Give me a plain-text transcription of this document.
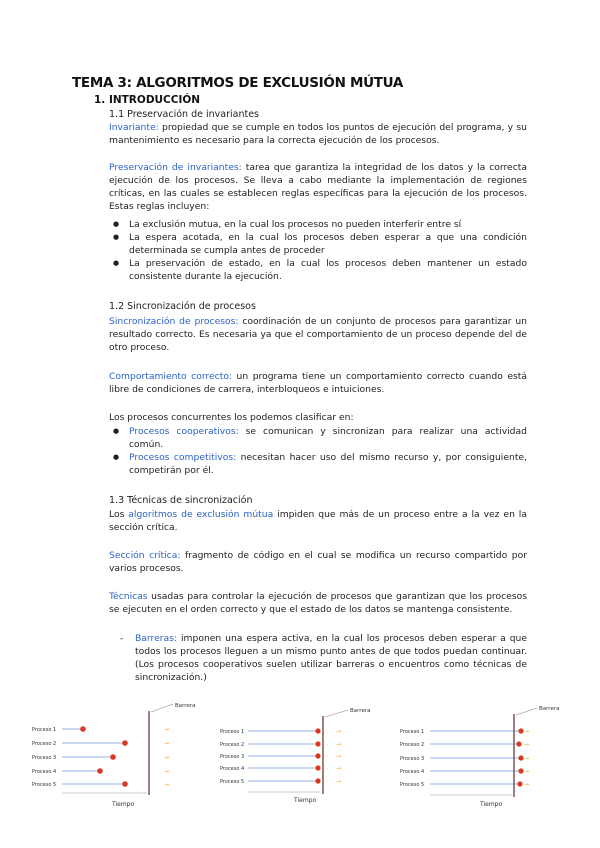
TEMA 3: ALGORITMOS DE EXCLUSIÓN MÚTUA
1. INTRODUCCIÓN
1.1 Preservación de invariantes
Invariante: propiedad que se cumple en todos los puntos de ejecución del programa, y su mantenimiento es necesario para la correcta ejecución de los procesos.
Preservación de invariantes: tarea que garantiza la integridad de los datos y la correcta ejecución de los procesos. Se lleva a cabo mediante la implementación de regiones críticas, en las cuales se establecen reglas específicas para la ejecución de los procesos. Estas reglas incluyen:
● La exclusión mutua, en la cual los procesos no pueden interferir entre sí
● La espera acotada, en la cual los procesos deben esperar a que una condición determinada se cumpla antes de proceder
● La preservación de estado, en la cual los procesos deben mantener un estado consistente durante la ejecución.
1.2 Sincronización de procesos
Sincronización de procesos: coordinación de un conjunto de procesos para garantizar un resultado correcto. Es necesaria ya que el comportamiento de un proceso depende del de otro proceso.
Comportamiento correcto: un programa tiene un comportamiento correcto cuando está libre de condiciones de carrera, interbloqueos e intuiciones.
Los procesos concurrentes los podemos clasificar en:
● Procesos cooperativos: se comunican y sincronizan para realizar una actividad común.
● Procesos competitivos: necesitan hacer uso del mismo recurso y, por consiguiente, competirán por él.
1.3 Técnicas de sincronización
Los algoritmos de exclusión mútua impiden que más de un proceso entre a la vez en la sección crítica.
Sección crítica: fragmento de código en el cual se modifica un recurso compartido por varios procesos.
Técnicas usadas para controlar la ejecución de procesos que garantizan que los procesos se ejecuten en el orden correcto y que el estado de los datos se mantenga consistente.
- Barreras: imponen una espera activa, en la cual los procesos deben esperar a que todos los procesos lleguen a un mismo punto antes de que todos puedan continuar. (Los procesos cooperativos suelen utilizar barreras o encuentros como técnicas de sincronización.)
Barrera
Tiempo
Proceso 1	·	→
Proceso 2	·	→
Proceso 3	·	→
Proceso 4	·	→
Proceso 5	·	→
Barrera
Tiempo
Proceso 1	· →
Proceso 2	· →
Proceso 3	· →
Proceso 4	· →
Proceso 5	· →
Barrera
Tiempo
Proceso 1	→
Proceso 2	→
Proceso 3	→
Proceso 4	→
Proceso 5	→
